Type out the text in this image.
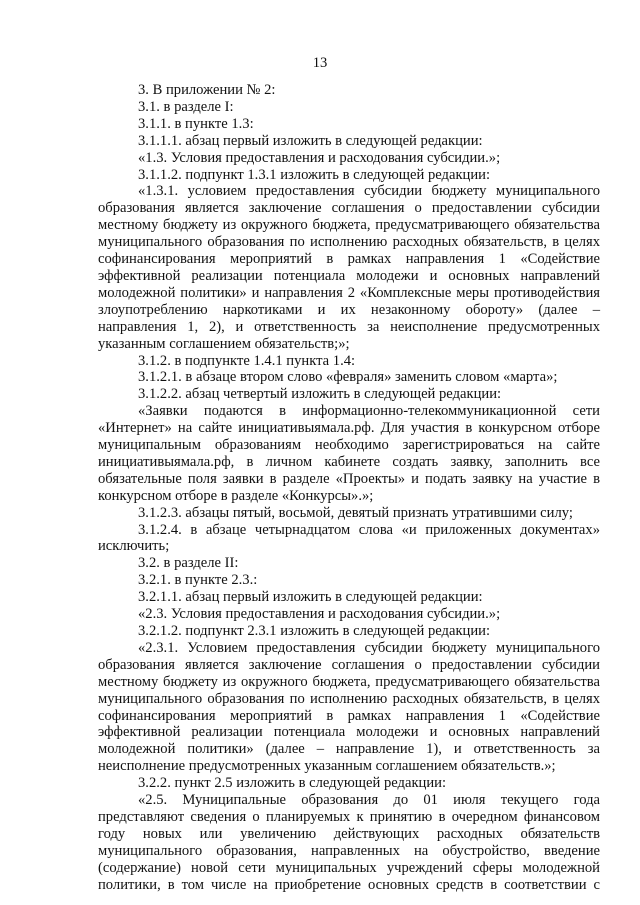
13

3. В приложении № 2:

3.1. в разделе I:

3.1.1. в пункте 1.3:

3.1.1.1. абзац первый изложить в следующей редакции:

«1.3. Условия предоставления и расходования субсидии.»;

3.1.1.2. подпункт 1.3.1 изложить в следующей редакции:

«1.3.1. условием предоставления субсидии бюджету муниципального образования является заключение соглашения о предоставлении субсидии местному бюджету из окружного бюджета, предусматривающего обязательства муниципального образования по исполнению расходных обязательств, в целях софинансирования мероприятий в рамках направления 1 «Содействие эффективной реализации потенциала молодежи и основных направлений молодежной политики» и направления 2 «Комплексные меры противодействия злоупотреблению наркотиками и их незаконному обороту» (далее – направления 1, 2), и ответственность за неисполнение предусмотренных указанным соглашением обязательств;»;

3.1.2. в подпункте 1.4.1 пункта 1.4:

3.1.2.1. в абзаце втором слово «февраля» заменить словом «марта»;

3.1.2.2. абзац четвертый изложить в следующей редакции:

«Заявки подаются в информационно-телекоммуникационной сети «Интернет» на сайте инициативыямала.рф. Для участия в конкурсном отборе муниципальным образованиям необходимо зарегистрироваться на сайте инициативыямала.рф, в личном кабинете создать заявку, заполнить все обязательные поля заявки в разделе «Проекты» и подать заявку на участие в конкурсном отборе в разделе «Конкурсы».»;

3.1.2.3. абзацы пятый, восьмой, девятый признать утратившими силу;

3.1.2.4. в абзаце четырнадцатом слова «и приложенных документах» исключить;

3.2. в разделе II:

3.2.1. в пункте 2.3.:

3.2.1.1. абзац первый изложить в следующей редакции:

«2.3. Условия предоставления и расходования субсидии.»;

3.2.1.2. подпункт 2.3.1 изложить в следующей редакции:

«2.3.1. Условием предоставления субсидии бюджету муниципального образования является заключение соглашения о предоставлении субсидии местному бюджету из окружного бюджета, предусматривающего обязательства муниципального образования по исполнению расходных обязательств, в целях софинансирования мероприятий в рамках направления 1 «Содействие эффективной реализации потенциала молодежи и основных направлений молодежной политики» (далее – направление 1), и ответственность за неисполнение предусмотренных указанным соглашением обязательств.»;

3.2.2. пункт 2.5 изложить в следующей редакции:

«2.5. Муниципальные образования до 01 июля текущего года представляют сведения о планируемых к принятию в очередном финансовом году новых или увеличению действующих расходных обязательств муниципального образования, направленных на обустройство, введение (содержание) новой сети муниципальных учреждений сферы молодежной политики, в том числе на приобретение основных средств в соответствии с
